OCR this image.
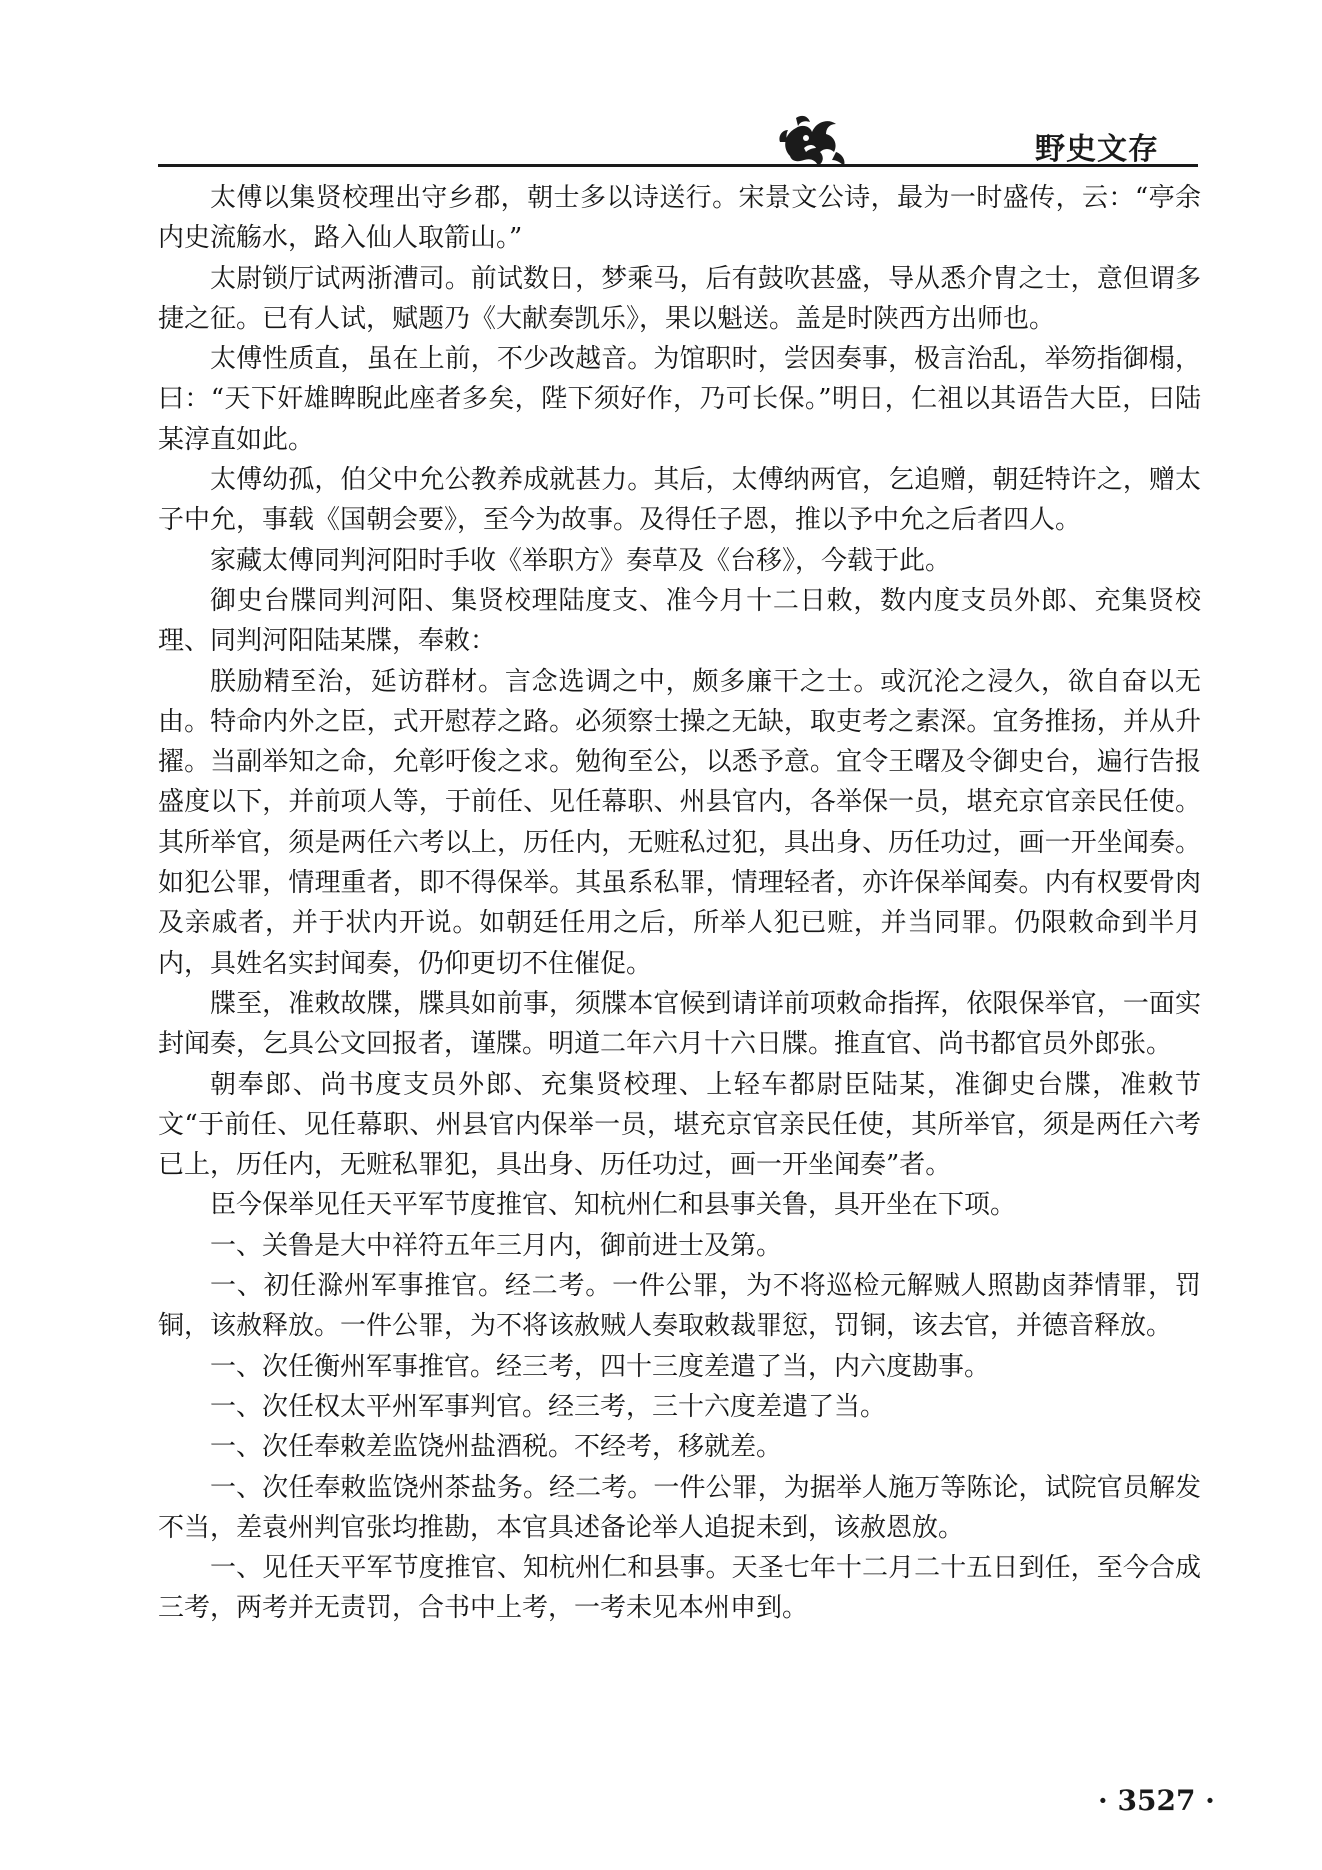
野史文存

太傅以集贤校理出守乡郡，朝士多以诗送行。宋景文公诗，最为一时盛传，云：“亭余内史流觞水，路入仙人取箭山。”

太尉锁厅试两浙漕司。前试数日，梦乘马，后有鼓吹甚盛，导从悉介胄之士，意但谓多捷之征。已有人试，赋题乃《大献奏凯乐》，果以魁送。盖是时陕西方出师也。

太傅性质直，虽在上前，不少改越音。为馆职时，尝因奏事，极言治乱，举笏指御榻，曰：“天下奸雄睥睨此座者多矣，陛下须好作，乃可长保。”明日，仁祖以其语告大臣，曰陆某淳直如此。

太傅幼孤，伯父中允公教养成就甚力。其后，太傅纳两官，乞追赠，朝廷特许之，赠太子中允，事载《国朝会要》，至今为故事。及得任子恩，推以予中允之后者四人。

家藏太傅同判河阳时手收《举职方》奏草及《台移》，今载于此。

御史台牒同判河阳、集贤校理陆度支、准今月十二日敕，数内度支员外郎、充集贤校理、同判河阳陆某牒，奉敕：

朕励精至治，延访群材。言念选调之中，颇多廉干之士。或沉沦之浸久，欲自奋以无由。特命内外之臣，式开慰荐之路。必须察士操之无缺，取吏考之素深。宜务推扬，并从升擢。当副举知之命，允彰吁俊之求。勉徇至公，以悉予意。宜令王曙及令御史台，遍行告报盛度以下，并前项人等，于前任、见任幕职、州县官内，各举保一员，堪充京官亲民任使。其所举官，须是两任六考以上，历任内，无赃私过犯，具出身、历任功过，画一开坐闻奏。如犯公罪，情理重者，即不得保举。其虽系私罪，情理轻者，亦许保举闻奏。内有权要骨肉及亲戚者，并于状内开说。如朝廷任用之后，所举人犯已赃，并当同罪。仍限敕命到半月内，具姓名实封闻奏，仍仰更切不住催促。

牒至，准敕故牒，牒具如前事，须牒本官候到请详前项敕命指挥，依限保举官，一面实封闻奏，乞具公文回报者，谨牒。明道二年六月十六日牒。推直官、尚书都官员外郎张。

朝奉郎、尚书度支员外郎、充集贤校理、上轻车都尉臣陆某，准御史台牒，准敕节文“于前任、见任幕职、州县官内保举一员，堪充京官亲民任使，其所举官，须是两任六考已上，历任内，无赃私罪犯，具出身、历任功过，画一开坐闻奏”者。

臣今保举见任天平军节度推官、知杭州仁和县事关鲁，具开坐在下项。

一、关鲁是大中祥符五年三月内，御前进士及第。

一、初任滁州军事推官。经二考。一件公罪，为不将巡检元解贼人照勘卤莽情罪，罚铜，该赦释放。一件公罪，为不将该赦贼人奏取敕裁罪愆，罚铜，该去官，并德音释放。

一、次任衡州军事推官。经三考，四十三度差遣了当，内六度勘事。

一、次任权太平州军事判官。经三考，三十六度差遣了当。

一、次任奉敕差监饶州盐酒税。不经考，移就差。

一、次任奉敕监饶州茶盐务。经二考。一件公罪，为据举人施万等陈论，试院官员解发不当，差袁州判官张均推勘，本官具述备论举人追捉未到，该赦恩放。

一、见任天平军节度推官、知杭州仁和县事。天圣七年十二月二十五日到任，至今合成三考，两考并无责罚，合书中上考，一考未见本州申到。

· 3527 ·
